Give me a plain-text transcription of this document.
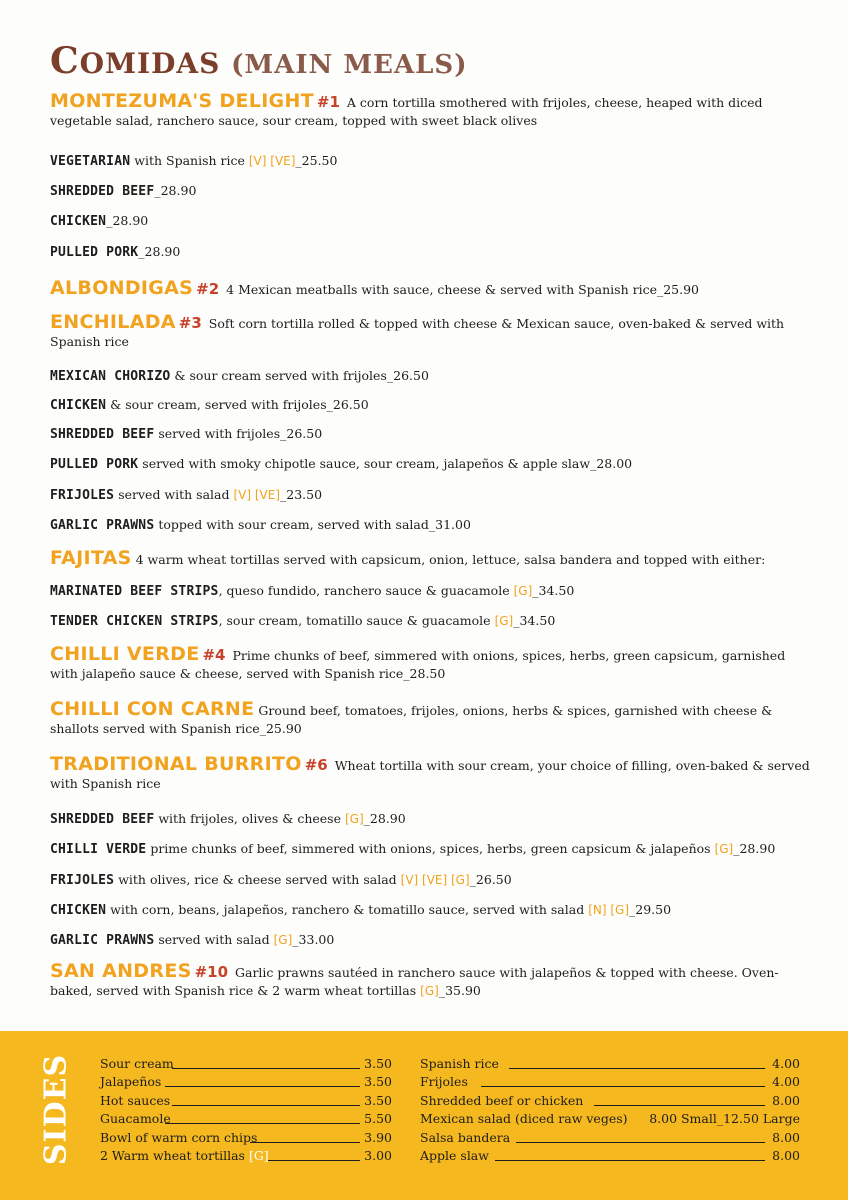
COMIDAS (MAIN MEALS)
MONTEZUMA'S DELIGHT #1 A corn tortilla smothered with frijoles, cheese, heaped with diced vegetable salad, ranchero sauce, sour cream, topped with sweet black olives
VEGETARIAN with Spanish rice [V] [VE]_25.50
SHREDDED BEEF_28.90
CHICKEN_28.90
PULLED PORK_28.90
ALBONDIGAS #2 4 Mexican meatballs with sauce, cheese & served with Spanish rice_25.90
ENCHILADA #3 Soft corn tortilla rolled & topped with cheese & Mexican sauce, oven-baked & served with Spanish rice
MEXICAN CHORIZO & sour cream served with frijoles_26.50
CHICKEN & sour cream, served with frijoles_26.50
SHREDDED BEEF served with frijoles_26.50
PULLED PORK served with smoky chipotle sauce, sour cream, jalapeños & apple slaw_28.00
FRIJOLES served with salad [V] [VE]_23.50
GARLIC PRAWNS topped with sour cream, served with salad_31.00
FAJITAS 4 warm wheat tortillas served with capsicum, onion, lettuce, salsa bandera and topped with either:
MARINATED BEEF STRIPS, queso fundido, ranchero sauce & guacamole [G]_34.50
TENDER CHICKEN STRIPS, sour cream, tomatillo sauce & guacamole [G]_34.50
CHILLI VERDE #4 Prime chunks of beef, simmered with onions, spices, herbs, green capsicum, garnished with jalapeño sauce & cheese, served with Spanish rice_28.50
CHILLI CON CARNE Ground beef, tomatoes, frijoles, onions, herbs & spices, garnished with cheese & shallots served with Spanish rice_25.90
TRADITIONAL BURRITO #6 Wheat tortilla with sour cream, your choice of filling, oven-baked & served with Spanish rice
SHREDDED BEEF with frijoles, olives & cheese [G]_28.90
CHILLI VERDE prime chunks of beef, simmered with onions, spices, herbs, green capsicum & jalapeños [G]_28.90
FRIJOLES with olives, rice & cheese served with salad [V] [VE] [G]_26.50
CHICKEN with corn, beans, jalapeños, ranchero & tomatillo sauce, served with salad [N] [G]_29.50
GARLIC PRAWNS served with salad [G]_33.00
SAN ANDRES #10 Garlic prawns sautéed in ranchero sauce with jalapeños & topped with cheese. Oven-baked, served with Spanish rice & 2 warm wheat tortillas [G]_35.90
SIDES Sour cream	3.50
Jalapeños	3.50
Hot sauces	3.50
Guacamole	5.50
Bowl of warm corn chips	3.90
2 Warm wheat tortillas [G]	3.00
Spanish rice	4.00
Frijoles	4.00
Shredded beef or chicken	8.00
Mexican salad (diced raw veges) 8.00 Small_12.50 Large
Salsa bandera	8.00
Apple slaw	8.00
